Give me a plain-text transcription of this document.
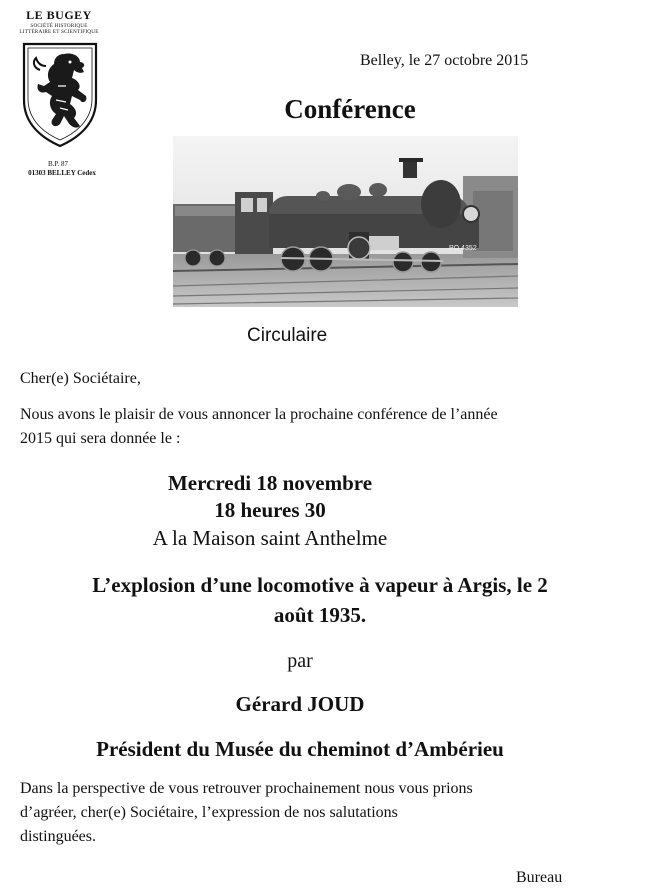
LE BUGEY
SOCIÉTÉ HISTORIQUE
LITTÉRAIRE ET SCIENTIFIQUE
B.P. 87
01303 BELLEY Cedex
Belley, le 27 octobre 2015
Conférence
PO 4352
Circulaire
Cher(e) Sociétaire,
Nous avons le plaisir de vous annoncer la prochaine conférence de l’année
2015 qui sera donnée le :
Mercredi 18 novembre
18 heures 30
A la Maison saint Anthelme
L’explosion d’une locomotive à vapeur à Argis, le 2
août 1935.
par
Gérard JOUD
Président du Musée du cheminot d’Ambérieu
Dans la perspective de vous retrouver prochainement nous vous prions
d’agréer, cher(e) Sociétaire, l’expression de nos salutations
distinguées.
Bureau
